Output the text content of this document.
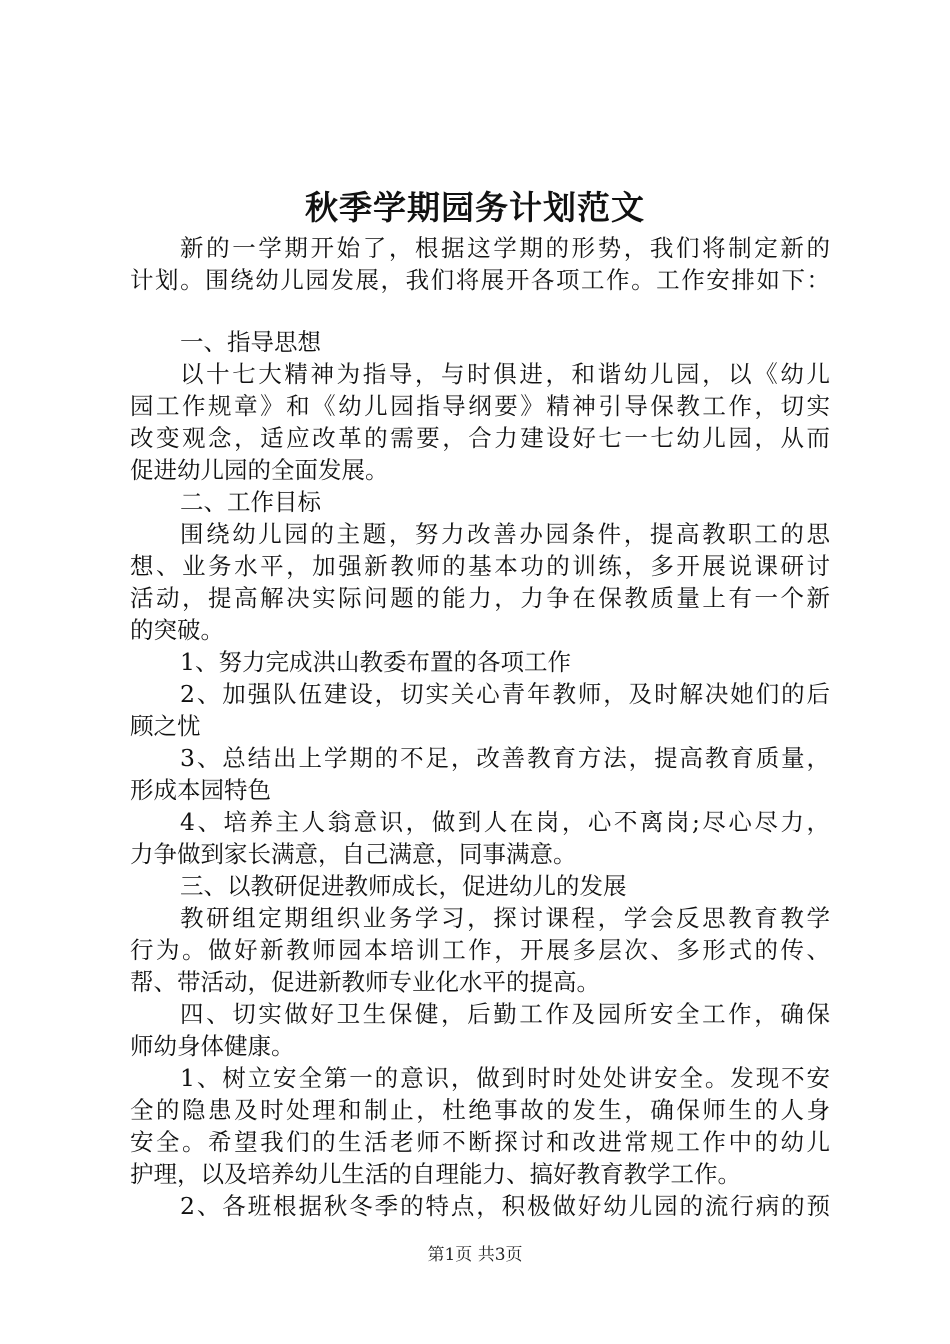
秋季学期园务计划范文
新的一学期开始了，根据这学期的形势，我们将制定新的
计划。围绕幼儿园发展，我们将展开各项工作。工作安排如下：
一、指导思想
以十七大精神为指导，与时俱进，和谐幼儿园，以《幼儿
园工作规章》和《幼儿园指导纲要》精神引导保教工作，切实
改变观念，适应改革的需要，合力建设好七一七幼儿园，从而
促进幼儿园的全面发展。
二、工作目标
围绕幼儿园的主题，努力改善办园条件，提高教职工的思
想、业务水平，加强新教师的基本功的训练，多开展说课研讨
活动，提高解决实际问题的能力，力争在保教质量上有一个新
的突破。
1、努力完成洪山教委布置的各项工作
2、加强队伍建设，切实关心青年教师，及时解决她们的后
顾之忧
3、总结出上学期的不足，改善教育方法，提高教育质量，
形成本园特色
4、培养主人翁意识，做到人在岗，心不离岗;尽心尽力，
力争做到家长满意，自己满意，同事满意。
三、以教研促进教师成长，促进幼儿的发展
教研组定期组织业务学习，探讨课程，学会反思教育教学
行为。做好新教师园本培训工作，开展多层次、多形式的传、
帮、带活动，促进新教师专业化水平的提高。
四、切实做好卫生保健，后勤工作及园所安全工作，确保
师幼身体健康。
1、树立安全第一的意识，做到时时处处讲安全。发现不安
全的隐患及时处理和制止，杜绝事故的发生，确保师生的人身
安全。希望我们的生活老师不断探讨和改进常规工作中的幼儿
护理，以及培养幼儿生活的自理能力、搞好教育教学工作。
2、各班根据秋冬季的特点，积极做好幼儿园的流行病的预
第1页 共3页
